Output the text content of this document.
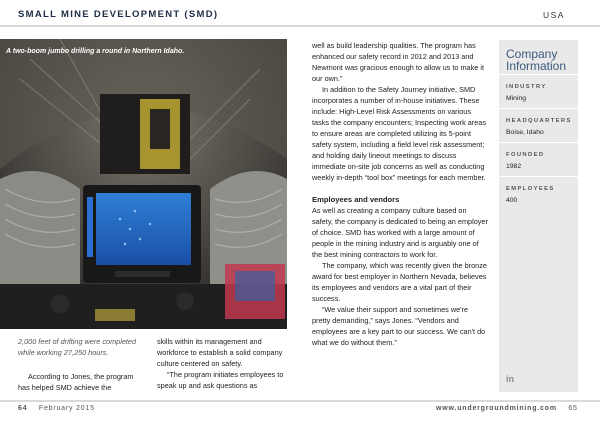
SMALL MINE DEVELOPMENT (SMD)	USA
A two-boom jumbo drilling a round in Northern Idaho.
2,000 feet of drifting were completed while working 27,250 hours.

According to Jones, the program has helped SMD achieve the

skills within its management and workforce to establish a solid company culture centered on safety.

“The program initiates employees to speak up and ask questions as

well as build leadership qualities. The program has enhanced our safety record in 2012 and 2013 and Newmont was gracious enough to allow us to make it our own.”

In addition to the Safety Journey initiative, SMD incorporates a number of in-house initiatives. These include: High-Level Risk Assessments on various tasks the company encounters; Inspecting work areas to ensure areas are completed utilizing its 5-point safety system, including a field level risk assessment; and holding daily lineout meetings to discuss immediate on-site job concerns as well as conducting weekly in-depth “tool box” meetings for each member.

Employees and vendors

As well as creating a company culture based on safety, the company is dedicated to being an employer of choice. SMD has worked with a large amount of people in the mining industry and is arguably one of the best mining contractors to work for.

The company, which was recently given the bronze award for best employer in Northern Nevada, believes its employees and vendors are a vital part of their success.

“We value their support and sometimes we're pretty demanding,” says Jones. “Vendors and employees are a key part to our success. We can't do what we do without them.”

Company Information
INDUSTRY
Mining
HEADQUARTERS
Boise, Idaho
FOUNDED
1982
EMPLOYEES
400
in
64 February 2015	www.undergroundmining.com 65
